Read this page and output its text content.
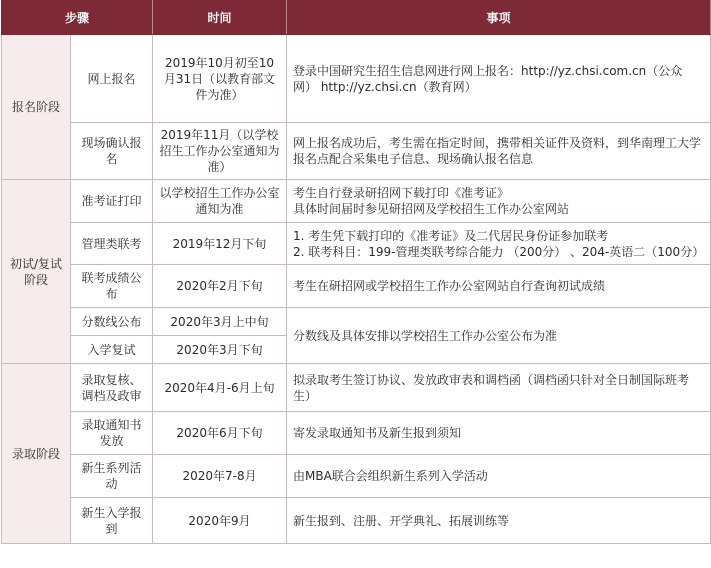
步骤		时间	事项
报名阶段	网上报名	2019年10月初至10月31日（以教育部文件为准）	登录中国研究生招生信息网进行网上报名：http://yz.chsi.com.cn（公众网） http://yz.chsi.cn（教育网）
	现场确认报名	2019年11月（以学校招生工作办公室通知为准）	网上报名成功后，考生需在指定时间，携带相关证件及资料，到华南理工大学报名点配合采集电子信息、现场确认报名信息
初试/复试阶段	准考证打印	以学校招生工作办公室通知为准	考生自行登录研招网下载打印《准考证》
具体时间届时参见研招网及学校招生工作办公室网站

	管理类联考	2019年12月下旬	1. 考生凭下载打印的《准考证》及二代居民身份证参加联考
2. 联考科目：199-管理类联考综合能力 （200分） 、204-英语二（100分）

	联考成绩公布	2020年2月下旬	考生在研招网或学校招生工作办公室网站自行查询初试成绩
	分数线公布	2020年3月上中旬	分数线及具体安排以学校招生工作办公室公布为准
	入学复试	2020年3月下旬	
录取阶段	录取复核、调档及政审	2020年4月-6月上旬	拟录取考生签订协议、发放政审表和调档函（调档函只针对全日制国际班考生）
	录取通知书发放	2020年6月下旬	寄发录取通知书及新生报到须知
	新生系列活动	2020年7-8月	由MBA联合会组织新生系列入学活动
	新生入学报到	2020年9月	新生报到、注册、开学典礼、拓展训练等
